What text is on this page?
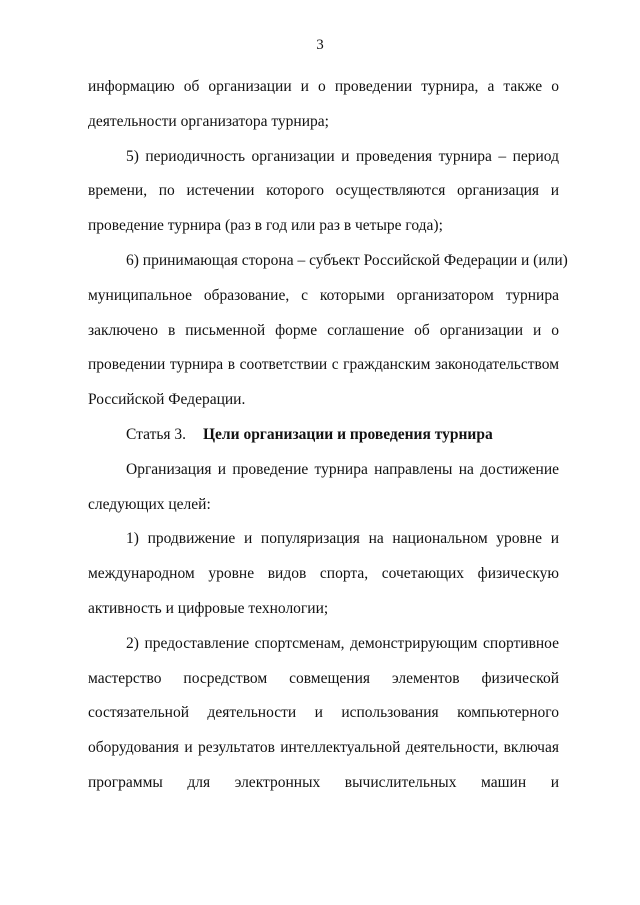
3
информацию об организации и о проведении турнира, а также о
деятельности организатора турнира;
5) периодичность организации и проведения турнира – период
времени, по истечении которого осуществляются организация и
проведение турнира (раз в год или раз в четыре года);
6) принимающая сторона – субъект Российской Федерации и (или)
муниципальное образование, с которыми организатором турнира
заключено в письменной форме соглашение об организации и о
проведении турнира в соответствии с гражданским законодательством
Российской Федерации.

Статья 3. Цели организации и проведения турнира

Организация и проведение турнира направлены на достижение
следующих целей:
1) продвижение и популяризация на национальном уровне и
международном уровне видов спорта, сочетающих физическую
активность и цифровые технологии;
2) предоставление спортсменам, демонстрирующим спортивное
мастерство посредством совмещения элементов физической
состязательной деятельности и использования компьютерного
оборудования и результатов интеллектуальной деятельности, включая
программы для электронных вычислительных машин и
